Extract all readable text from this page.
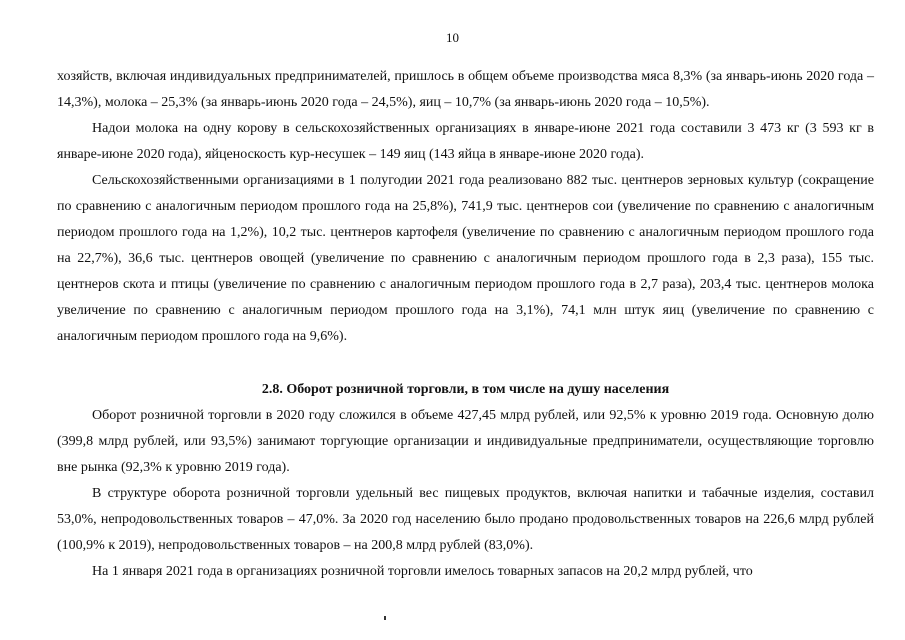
10

хозяйств, включая индивидуальных предпринимателей, пришлось в общем объеме производства мяса 8,3% (за январь-июнь 2020 года – 14,3%), молока – 25,3% (за январь-июнь 2020 года – 24,5%), яиц – 10,7% (за январь-июнь 2020 года – 10,5%).

Надои молока на одну корову в сельскохозяйственных организациях в январе-июне 2021 года составили 3 473 кг (3 593 кг в январе-июне 2020 года), яйценоскость кур-несушек – 149 яиц (143 яйца в январе-июне 2020 года).

Сельскохозяйственными организациями в 1 полугодии 2021 года реализовано 882 тыс. центнеров зерновых культур (сокращение по сравнению с аналогичным периодом прошлого года на 25,8%), 741,9 тыс. центнеров сои (увеличение по сравнению с аналогичным периодом прошлого года на 1,2%), 10,2 тыс. центнеров картофеля (увеличение по сравнению с аналогичным периодом прошлого года на 22,7%), 36,6 тыс. центнеров овощей (увеличение по сравнению с аналогичным периодом прошлого года в 2,3 раза), 155 тыс. центнеров скота и птицы (увеличение по сравнению с аналогичным периодом прошлого года в 2,7 раза), 203,4 тыс. центнеров молока увеличение по сравнению с аналогичным периодом прошлого года на 3,1%), 74,1 млн штук яиц (увеличение по сравнению с аналогичным периодом прошлого года на 9,6%).

2.8. Оборот розничной торговли, в том числе на душу населения

Оборот розничной торговли в 2020 году сложился в объеме 427,45 млрд рублей, или 92,5% к уровню 2019 года. Основную долю (399,8 млрд рублей, или 93,5%) занимают торгующие организации и индивидуальные предприниматели, осуществляющие торговлю вне рынка (92,3% к уровню 2019 года).

В структуре оборота розничной торговли удельный вес пищевых продуктов, включая напитки и табачные изделия, составил 53,0%, непродовольственных товаров – 47,0%. За 2020 год населению было продано продовольственных товаров на 226,6 млрд рублей (100,9% к 2019), непродовольственных товаров – на 200,8 млрд рублей (83,0%).

На 1 января 2021 года в организациях розничной торговли имелось товарных запасов на 20,2 млрд рублей, что
